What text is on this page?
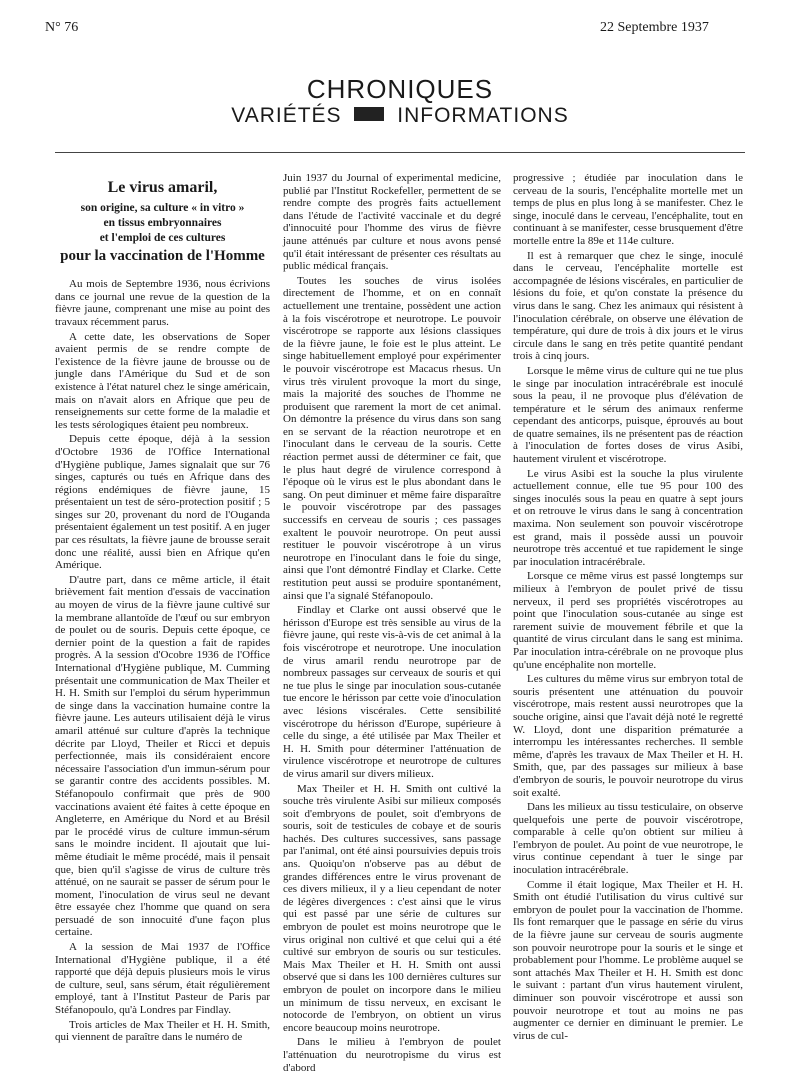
N° 76	22 Septembre 1937
CHRONIQUES
VARIÉTÉS	INFORMATIONS
Le virus amaril,
son origine, sa culture « in vitro »
en tissus embryonnaires
et l'emploi de ces cultures
pour la vaccination de l'Homme

Au mois de Septembre 1936, nous écrivions dans ce journal une revue de la question de la fièvre jaune, comprenant une mise au point des travaux récemment parus.

A cette date, les observations de Soper avaient permis de se rendre compte de l'existence de la fièvre jaune de brousse ou de jungle dans l'Amérique du Sud et de son existence à l'état naturel chez le singe américain, mais on n'avait alors en Afrique que peu de renseignements sur cette forme de la maladie et les tests sérologiques étaient peu nombreux.

Depuis cette époque, déjà à la session d'Octobre 1936 de l'Office International d'Hygiène publique, James signalait que sur 76 singes, capturés ou tués en Afrique dans des régions endémiques de fièvre jaune, 15 présentaient un test de séro-protection positif ; 5 singes sur 20, provenant du nord de l'Ouganda présentaient également un test positif. A en juger par ces résultats, la fièvre jaune de brousse serait donc une réalité, aussi bien en Afrique qu'en Amérique.

D'autre part, dans ce même article, il était brièvement fait mention d'essais de vaccination au moyen de virus de la fièvre jaune cultivé sur la membrane allantoïde de l'œuf ou sur embryon de poulet ou de souris. Depuis cette époque, ce dernier point de la question a fait de rapides progrès. A la session d'Ocobre 1936 de l'Office International d'Hygiène publique, M. Cumming présentait une communication de Max Theiler et H. H. Smith sur l'emploi du sérum hyperimmun de singe dans la vaccination humaine contre la fièvre jaune. Les auteurs utilisaient déjà le virus amaril atténué sur culture d'après la technique décrite par Lloyd, Theiler et Ricci et depuis perfectionnée, mais ils considéraient encore nécessaire l'association d'un immun-sérum pour se garantir contre des accidents possibles. M. Stéfanopoulo confirmait que près de 900 vaccinations avaient été faites à cette époque en Angleterre, en Amérique du Nord et au Brésil par le procédé virus de culture immun-sérum sans le moindre incident. Il ajoutait que lui-même étudiait le même procédé, mais il pensait que, bien qu'il s'agisse de virus de culture très atténué, on ne saurait se passer de sérum pour le moment, l'inoculation de virus seul ne devant être essayée chez l'homme que quand on sera persuadé de son innocuité d'une façon plus certaine.

A la session de Mai 1937 de l'Office International d'Hygiène publique, il a été rapporté que déjà depuis plusieurs mois le virus de culture, seul, sans sérum, était régulièrement employé, tant à l'Institut Pasteur de Paris par Stéfanopoulo, qu'à Londres par Findlay.

Trois articles de Max Theiler et H. H. Smith, qui viennent de paraître dans le numéro de

Juin 1937 du Journal of experimental medicine, publié par l'Institut Rockefeller, permettent de se rendre compte des progrès faits actuellement dans l'étude de l'activité vaccinale et du degré d'innocuité pour l'homme des virus de fièvre jaune atténués par culture et nous avons pensé qu'il était intéressant de présenter ces résultats au public médical français.

Toutes les souches de virus isolées directement de l'homme, et on en connaît actuellement une trentaine, possèdent une action à la fois viscérotrope et neurotrope. Le pouvoir viscérotrope se rapporte aux lésions classiques de la fièvre jaune, le foie est le plus atteint. Le singe habituellement employé pour expérimenter le pouvoir viscérotrope est Macacus rhesus. Un virus très virulent provoque la mort du singe, mais la majorité des souches de l'homme ne produisent que rarement la mort de cet animal. On démontre la présence du virus dans son sang en se servant de la réaction neurotrope et en l'inoculant dans le cerveau de la souris. Cette réaction permet aussi de déterminer ce fait, que le plus haut degré de virulence correspond à l'époque où le virus est le plus abondant dans le sang. On peut diminuer et même faire disparaître le pouvoir viscérotrope par des passages successifs en cerveau de souris ; ces passages exaltent le pouvoir neurotrope. On peut aussi restituer le pouvoir viscérotrope à un virus neurotrope en l'inoculant dans le foie du singe, ainsi que l'ont démontré Findlay et Clarke. Cette restitution peut aussi se produire spontanément, ainsi que l'a signalé Stéfanopoulo.

Findlay et Clarke ont aussi observé que le hérisson d'Europe est très sensible au virus de la fièvre jaune, qui reste vis-à-vis de cet animal à la fois viscérotrope et neurotrope. Une inoculation de virus amaril rendu neurotrope par de nombreux passages sur cerveaux de souris et qui ne tue plus le singe par inoculation sous-cutanée tue encore le hérisson par cette voie d'inoculation avec lésions viscérales. Cette sensibilité viscérotrope du hérisson d'Europe, supérieure à celle du singe, a été utilisée par Max Theiler et H. H. Smith pour déterminer l'atténuation de virulence viscérotrope et neurotrope de cultures de virus amaril sur divers milieux.

Max Theiler et H. H. Smith ont cultivé la souche très virulente Asibi sur milieux composés soit d'embryons de poulet, soit d'embryons de souris, soit de testicules de cobaye et de souris hachés. Des cultures successives, sans passage par l'animal, ont été ainsi poursuivies depuis trois ans. Quoiqu'on n'observe pas au début de grandes différences entre le virus provenant de ces divers milieux, il y a lieu cependant de noter de légères divergences : c'est ainsi que le virus qui est passé par une série de cultures sur embryon de poulet est moins neurotrope que le virus original non cultivé et que celui qui a été cultivé sur embryon de souris ou sur testicules. Mais Max Theiler et H. H. Smith ont aussi observé que si dans les 100 dernières cultures sur embryon de poulet on incorpore dans le milieu un minimum de tissu nerveux, en excisant le notocorde de l'embryon, on obtient un virus encore beaucoup moins neurotrope.

Dans le milieu à l'embryon de poulet l'atténuation du neurotropisme du virus est d'abord

progressive ; étudiée par inoculation dans le cerveau de la souris, l'encéphalite mortelle met un temps de plus en plus long à se manifester. Chez le singe, inoculé dans le cerveau, l'encéphalite, tout en continuant à se manifester, cesse brusquement d'être mortelle entre la 89e et 114e culture.

Il est à remarquer que chez le singe, inoculé dans le cerveau, l'encéphalite mortelle est accompagnée de lésions viscérales, en particulier de lésions du foie, et qu'on constate la présence du virus dans le sang. Chez les animaux qui résistent à l'inoculation cérébrale, on observe une élévation de température, qui dure de trois à dix jours et le virus circule dans le sang en très petite quantité pendant trois à cinq jours.

Lorsque le même virus de culture qui ne tue plus le singe par inoculation intracérébrale est inoculé sous la peau, il ne provoque plus d'élévation de température et le sérum des animaux renferme cependant des anticorps, puisque, éprouvés au bout de quatre semaines, ils ne présentent pas de réaction à l'inoculation de fortes doses de virus Asibi, hautement virulent et viscérotrope.

Le virus Asibi est la souche la plus virulente actuellement connue, elle tue 95 pour 100 des singes inoculés sous la peau en quatre à sept jours et on retrouve le virus dans le sang à concentration maxima. Non seulement son pouvoir viscérotrope est grand, mais il possède aussi un pouvoir neurotrope très accentué et tue rapidement le singe par inoculation intracérébrale.

Lorsque ce même virus est passé longtemps sur milieux à l'embryon de poulet privé de tissu nerveux, il perd ses propriétés viscérotropes au point que l'inoculation sous-cutanée au singe est rarement suivie de mouvement fébrile et que la quantité de virus circulant dans le sang est minima. Par inoculation intra-cérébrale on ne provoque plus qu'une encéphalite non mortelle.

Les cultures du même virus sur embryon total de souris présentent une atténuation du pouvoir viscérotrope, mais restent aussi neurotropes que la souche origine, ainsi que l'avait déjà noté le regretté W. Lloyd, dont une disparition prématurée a interrompu les intéressantes recherches. Il semble même, d'après les travaux de Max Theiler et H. H. Smith, que, par des passages sur milieux à base d'embryon de souris, le pouvoir neurotrope du virus soit exalté.

Dans les milieux au tissu testiculaire, on observe quelquefois une perte de pouvoir viscérotrope, comparable à celle qu'on obtient sur milieu à l'embryon de poulet. Au point de vue neurotrope, le virus continue cependant à tuer le singe par inoculation intracérébrale.

Comme il était logique, Max Theiler et H. H. Smith ont étudié l'utilisation du virus cultivé sur embryon de poulet pour la vaccination de l'homme. Ils font remarquer que le passage en série du virus de la fièvre jaune sur cerveau de souris augmente son pouvoir neurotrope pour la souris et le singe et probablement pour l'homme. Le problème auquel se sont attachés Max Theiler et H. H. Smith est donc le suivant : partant d'un virus hautement virulent, diminuer son pouvoir viscérotrope et aussi son pouvoir neurotrope et tout au moins ne pas augmenter ce dernier en diminuant le premier. Le virus de cul-
